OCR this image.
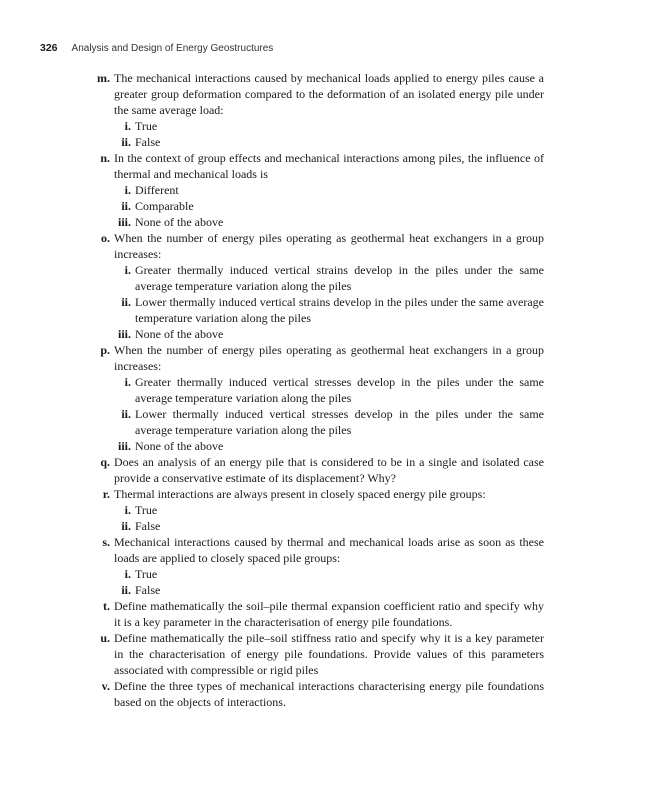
326 Analysis and Design of Energy Geostructures
m. The mechanical interactions caused by mechanical loads applied to energy piles cause a greater group deformation compared to the deformation of an isolated energy pile under the same average load:
i. True
ii. False
n. In the context of group effects and mechanical interactions among piles, the influence of thermal and mechanical loads is
i. Different
ii. Comparable
iii. None of the above
o. When the number of energy piles operating as geothermal heat exchangers in a group increases:
i. Greater thermally induced vertical strains develop in the piles under the same average temperature variation along the piles
ii. Lower thermally induced vertical strains develop in the piles under the same average temperature variation along the piles
iii. None of the above
p. When the number of energy piles operating as geothermal heat exchangers in a group increases:
i. Greater thermally induced vertical stresses develop in the piles under the same average temperature variation along the piles
ii. Lower thermally induced vertical stresses develop in the piles under the same average temperature variation along the piles
iii. None of the above
q. Does an analysis of an energy pile that is considered to be in a single and isolated case provide a conservative estimate of its displacement? Why?
r. Thermal interactions are always present in closely spaced energy pile groups:
i. True
ii. False
s. Mechanical interactions caused by thermal and mechanical loads arise as soon as these loads are applied to closely spaced pile groups:
i. True
ii. False
t. Define mathematically the soil–pile thermal expansion coefficient ratio and specify why it is a key parameter in the characterisation of energy pile foundations.
u. Define mathematically the pile–soil stiffness ratio and specify why it is a key parameter in the characterisation of energy pile foundations. Provide values of this parameters associated with compressible or rigid piles
v. Define the three types of mechanical interactions characterising energy pile foundations based on the objects of interactions.
